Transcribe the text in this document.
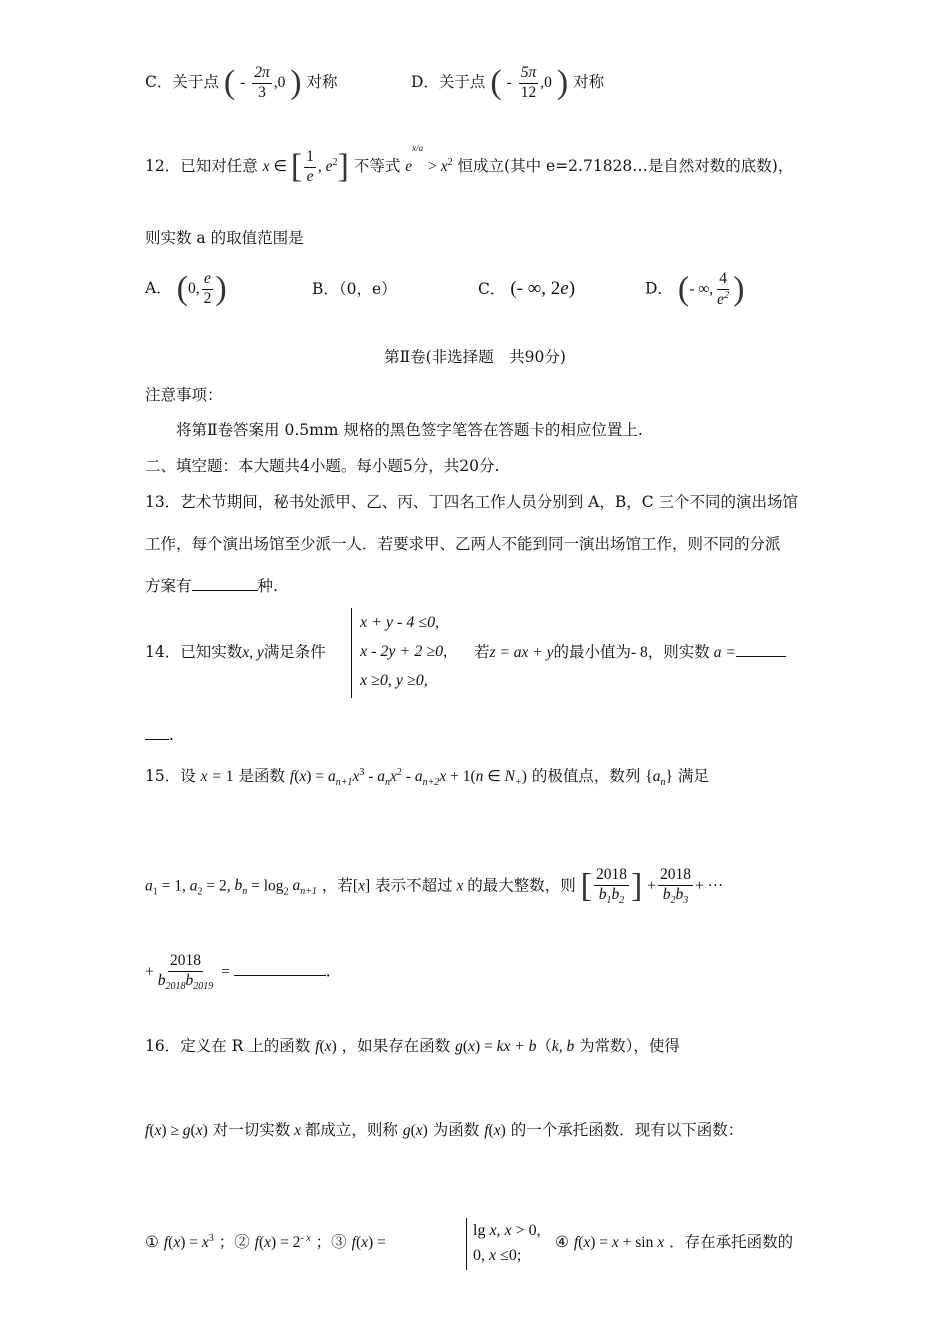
C．关于点 ( - $\frac{2\pi}{3} ,0$ ) 对称	D．关于点 ( - $\frac{5\pi}{12} ,0$ ) 对称
12．已知对任意 x ∈ [ $\frac{1}{e}$ , $e^2$] 不等式 $e^{x/a} > x^2$ 恒成立(其中 e=2.71828…是自然对数的底数)，
则实数 a 的取值范围是
A． (0, $\frac{e}{2}$ )	B．（0，e）	C． (- ∞, 2e)	D． (- ∞, $\frac{4}{e^2}$ )
第Ⅱ卷(非选择题　共90分)
注意事项：
将第Ⅱ卷答案用 0.5mm 规格的黑色签字笔答在答题卡的相应位置上.
二、填空题：本大题共4小题。每小题5分，共20分.
13．艺术节期间，秘书处派甲、乙、丙、丁四名工作人员分别到 A，B，C 三个不同的演出场馆
工作，每个演出场馆至少派一人．若要求甲、乙两人不能到同一演出场馆工作，则不同的分派
方案有	种.
14．已知实数x, y满足条件
x + y - 4 ≤0,
x - 2y + 2 ≥0,
x ≥0, y ≥0,
若z = ax + y的最小值为- 8，则实数 a =
.
15．设 x = 1 是函数 $f(x) = a_{n+1}x^3 - a_nx^2 - a_{n+2}x + 1(n$ ∈ $N_+$) 的极值点，数列 $\{a_n\}$ 满足
$a_1 = 1$, $a_2 = 2$, $b_n = \log_2 a_{n+1}$ ，若[x] 表示不超过 x 的最大整数，则 [ $\frac{2018}{b_1b_2}$ ] + $\frac{2018}{b_2b_3}$ + ···
+ $\frac{2018}{b_{2018}b_{2019}}$ =	.
16．定义在 R 上的函数 f(x) ，如果存在函数 g(x) = kx + b（k, b 为常数），使得
f(x) ≥ g(x) 对一切实数 x 都成立，则称 g(x) 为函数 f(x) 的一个承托函数．现有以下函数：
① $f(x) = x^3$ ；② $f(x) = 2^{- x}$ ；③ f(x) =
lg x, x > 0,
0, x ≤0;
④ f(x) = x + sin x ．存在承托函数的
